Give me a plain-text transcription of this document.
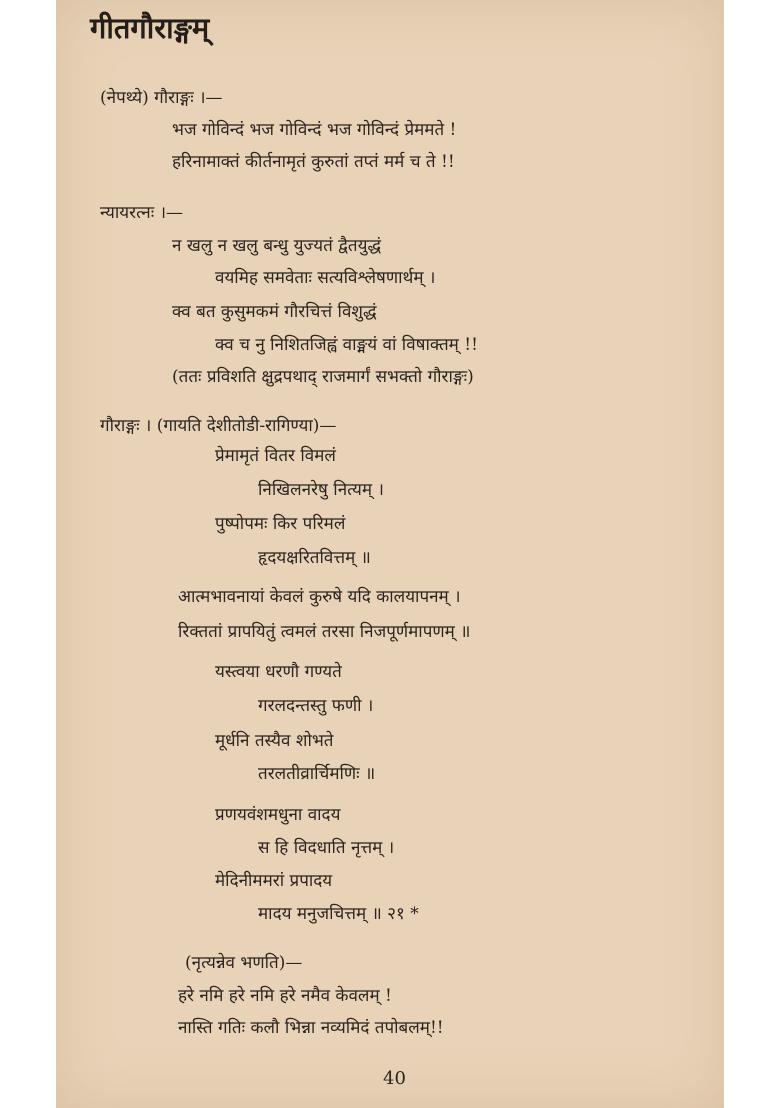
गीतगौराङ्गम्
(नेपथ्ये) गौराङ्गः ।—
भज गोविन्दं भज गोविन्दं भज गोविन्दं प्रेममते !
हरिनामाक्तं कीर्तनामृतं कुरुतां तप्तं मर्म च ते !!
न्यायरत्नः ।—
न खलु न खलु बन्धु युज्यतं द्वैतयुद्धं
वयमिह समवेताः सत्यविश्लेषणार्थम् ।
क्व बत कुसुमकमं गौरचित्तं विशुद्धं
क्व च नु निशितजिह्वं वाङ्मयं वां विषाक्तम् !!
(ततः प्रविशति क्षुद्रपथाद् राजमार्गं सभक्तो गौराङ्गः)
गौराङ्गः । (गायति देशीतोडी-रागिण्या)—
प्रेमामृतं वितर विमलं
निखिलनरेषु नित्यम् ।
पुष्पोपमः किर परिमलं
हृदयक्षरितवित्तम् ॥
आत्मभावनायां केवलं कुरुषे यदि कालयापनम् ।
रिक्ततां प्रापयितुं त्वमलं तरसा निजपूर्णमापणम् ॥
यस्त्वया धरणौ गण्यते
गरलदन्तस्तु फणी ।
मूर्धनि तस्यैव शोभते
तरलतीव्रार्चिमणिः ॥
प्रणयवंशमधुना वादय
स हि विदधाति नृत्तम् ।
मेदिनीममरां प्रपादय
मादय मनुजचित्तम् ॥ २१ *
(नृत्यन्नेव भणति)—
हरे नमि हरे नमि हरे नमैव केवलम् !
नास्ति गतिः कलौ भिन्ना नव्यमिदं तपोबलम्!!
40
